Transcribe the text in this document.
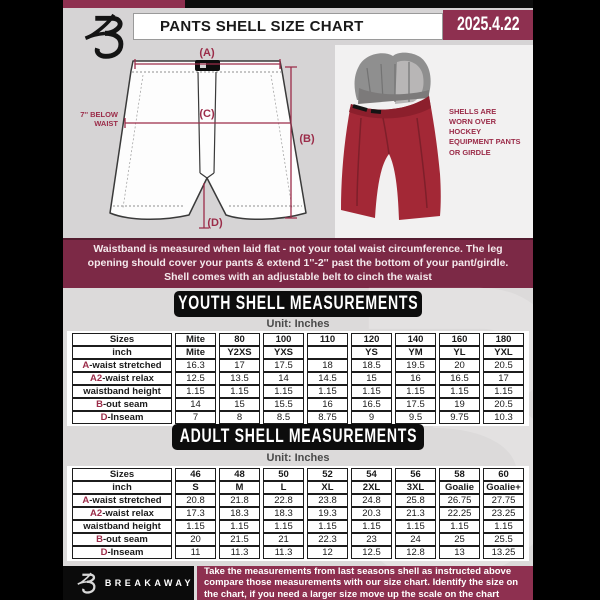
PANTS SHELL SIZE CHART	2025.4.22
(A)
(B)
(C)
(D)
7'' BELOW
WAIST
SHELLS ARE WORN OVER HOCKEY EQUIPMENT PANTS OR GIRDLE
Waistband is measured when laid flat - not your total waist circumference. The leg opening should cover your pants & extend 1''-2'' past the bottom of your pant/girdle. Shell comes with an adjustable belt to cinch the waist
YOUTH SHELL MEASUREMENTS
Unit: Inches
Sizes	Mite	80	100	110	120	140	160	180
inch	Mite	Y2XS	YXS		YS	YM	YL	YXL
A-waist stretched	16.3	17	17.5	18	18.5	19.5	20	20.5
A2-waist relax	12.5	13.5	14	14.5	15	16	16.5	17
waistband height	1.15	1.15	1.15	1.15	1.15	1.15	1.15	1.15
B-out seam	14	15	15.5	16	16.5	17.5	19	20.5
D-Inseam	7	8	8.5	8.75	9	9.5	9.75	10.3
ADULT SHELL MEASUREMENTS
Unit: Inches
Sizes	46	48	50	52	54	56	58	60
inch	S	M	L	XL	2XL	3XL	Goalie	Goalie+
A-waist stretched	20.8	21.8	22.8	23.8	24.8	25.8	26.75	27.75
A2-waist relax	17.3	18.3	18.3	19.3	20.3	21.3	22.25	23.25
waistband height	1.15	1.15	1.15	1.15	1.15	1.15	1.15	1.15
B-out seam	20	21.5	21	22.3	23	24	25	25.5
D-Inseam	11	11.3	11.3	12	12.5	12.8	13	13.25
BREAKAWAY
Take the measurements from last seasons shell as instructed above compare those measurements with our size chart. Identify the size on the chart, if you need a larger size move up the scale on the chart
